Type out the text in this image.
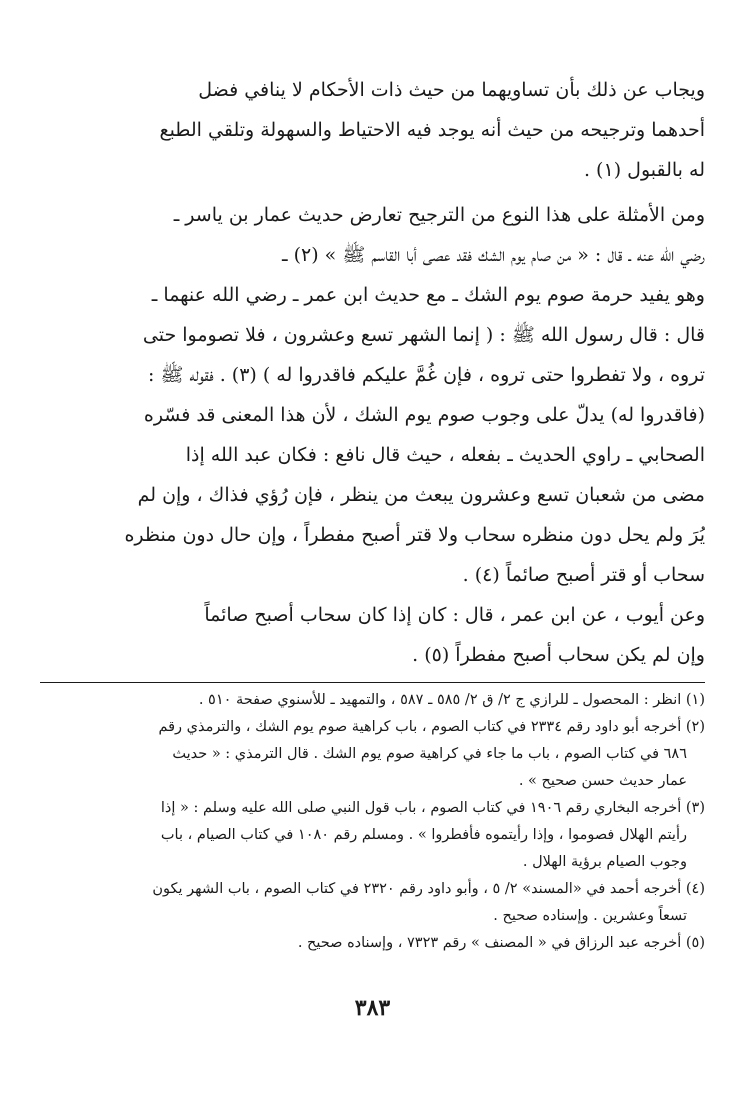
ويجاب عن ذلك بأن تساويهما من حيث ذات الأحكام لا ينافي فضل
أحدهما وترجيحه من حيث أنه يوجد فيه الاحتياط والسهولة وتلقي الطبع
له بالقبول (١) .

ومن الأمثلة على هذا النوع من الترجيح تعارض حديث عمار بن ياسر ـ
رضي الله عنه ـ قال : « من صام يوم الشك فقد عصى أبا القاسم ﷺ » (٢) ـ
وهو يفيد حرمة صوم يوم الشك ـ مع حديث ابن عمر ـ رضي الله عنهما ـ
قال : قال رسول الله ﷺ : ( إنما الشهر تسع وعشرون ، فلا تصوموا حتى
تروه ، ولا تفطروا حتى تروه ، فإن غُمَّ عليكم فاقدروا له ) (٣) . فقوله ﷺ :
(فاقدروا له) يدلّ على وجوب صوم يوم الشك ، لأن هذا المعنى قد فسّره
الصحابي ـ راوي الحديث ـ بفعله ، حيث قال نافع : فكان عبد الله إذا
مضى من شعبان تسع وعشرون يبعث من ينظر ، فإن رُؤي فذاك ، وإن لم
يُرَ ولم يحل دون منظره سحاب ولا قتر أصبح مفطراً ، وإن حال دون منظره
سحاب أو قتر أصبح صائماً (٤) .

وعن أيوب ، عن ابن عمر ، قال : كان إذا كان سحاب أصبح صائماً
وإن لم يكن سحاب أصبح مفطراً (٥) .

(١) انظر : المحصول ـ للرازي ج ٢/ ق ٢/ ٥٨٥ ـ ٥٨٧ ، والتمهيد ـ للأسنوي صفحة ٥١٠ .
(٢) أخرجه أبو داود رقم ٢٣٣٤ في كتاب الصوم ، باب كراهية صوم يوم الشك ، والترمذي رقم
٦٨٦ في كتاب الصوم ، باب ما جاء في كراهية صوم يوم الشك . قال الترمذي : « حديث
عمار حديث حسن صحيح » .
(٣) أخرجه البخاري رقم ١٩٠٦ في كتاب الصوم ، باب قول النبي صلى الله عليه وسلم : « إذا
رأيتم الهلال فصوموا ، وإذا رأيتموه فأفطروا » . ومسلم رقم ١٠٨٠ في كتاب الصيام ، باب
وجوب الصيام برؤية الهلال .
(٤) أخرجه أحمد في «المسند» ٢/ ٥ ، وأبو داود رقم ٢٣٢٠ في كتاب الصوم ، باب الشهر يكون
تسعاً وعشرين . وإسناده صحيح .
(٥) أخرجه عبد الرزاق في « المصنف » رقم ٧٣٢٣ ، وإسناده صحيح .
٣٨٣
